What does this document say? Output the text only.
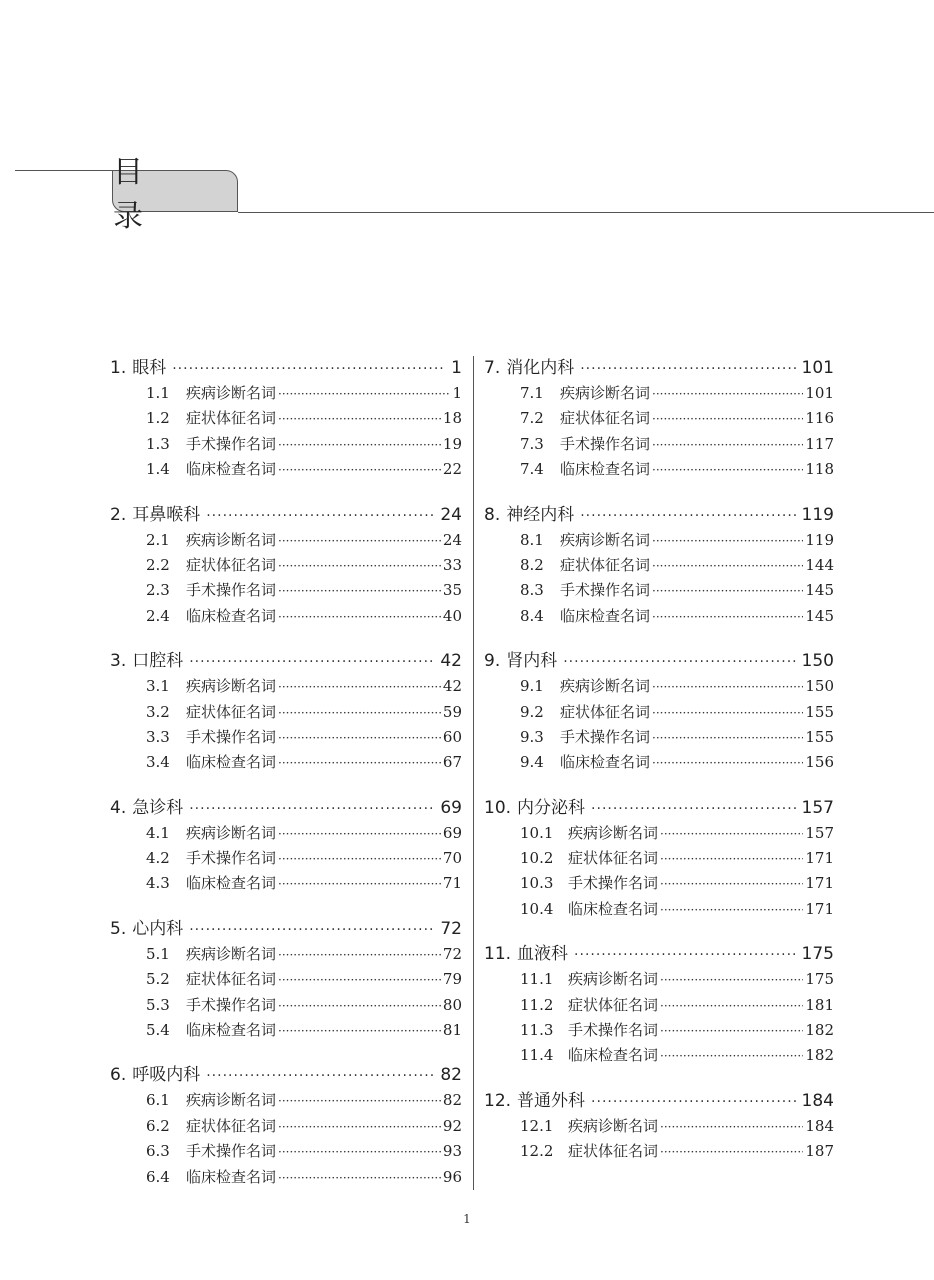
目 录
1. 眼科 ·····	1
1.1	疾病诊断名词 ·····	1
1.2	症状体征名词 ·····	18
1.3	手术操作名词 ·····	19
1.4	临床检查名词 ·····	22
2. 耳鼻喉科 ·····	24
2.1	疾病诊断名词 ·····	24
2.2	症状体征名词 ·····	33
2.3	手术操作名词 ·····	35
2.4	临床检查名词 ·····	40
3. 口腔科 ·····	42
3.1	疾病诊断名词 ·····	42
3.2	症状体征名词 ·····	59
3.3	手术操作名词 ·····	60
3.4	临床检查名词 ·····	67
4. 急诊科 ·····	69
4.1	疾病诊断名词 ·····	69
4.2	手术操作名词 ·····	70
4.3	临床检查名词 ·····	71
5. 心内科 ·····	72
5.1	疾病诊断名词 ·····	72
5.2	症状体征名词 ·····	79
5.3	手术操作名词 ·····	80
5.4	临床检查名词 ·····	81
6. 呼吸内科 ·····	82
6.1	疾病诊断名词 ·····	82
6.2	症状体征名词 ·····	92
6.3	手术操作名词 ·····	93
6.4	临床检查名词 ·····	96
7. 消化内科 ·····	101
7.1	疾病诊断名词 ·····	101
7.2	症状体征名词 ·····	116
7.3	手术操作名词 ·····	117
7.4	临床检查名词 ·····	118
8. 神经内科 ·····	119
8.1	疾病诊断名词 ·····	119
8.2	症状体征名词 ·····	144
8.3	手术操作名词 ·····	145
8.4	临床检查名词 ·····	145
9. 肾内科 ·····	150
9.1	疾病诊断名词 ·····	150
9.2	症状体征名词 ·····	155
9.3	手术操作名词 ·····	155
9.4	临床检查名词 ·····	156
10. 内分泌科 ·····	157
10.1 疾病诊断名词 ·····	157
10.2 症状体征名词 ·····	171
10.3 手术操作名词 ·····	171
10.4 临床检查名词 ·····	171
11. 血液科 ·····	175
11.1 疾病诊断名词 ·····	175
11.2 症状体征名词 ·····	181
11.3 手术操作名词 ·····	182
11.4 临床检查名词 ·····	182
12. 普通外科 ·····	184
12.1 疾病诊断名词 ·····	184
12.2 症状体征名词 ·····	187
1
